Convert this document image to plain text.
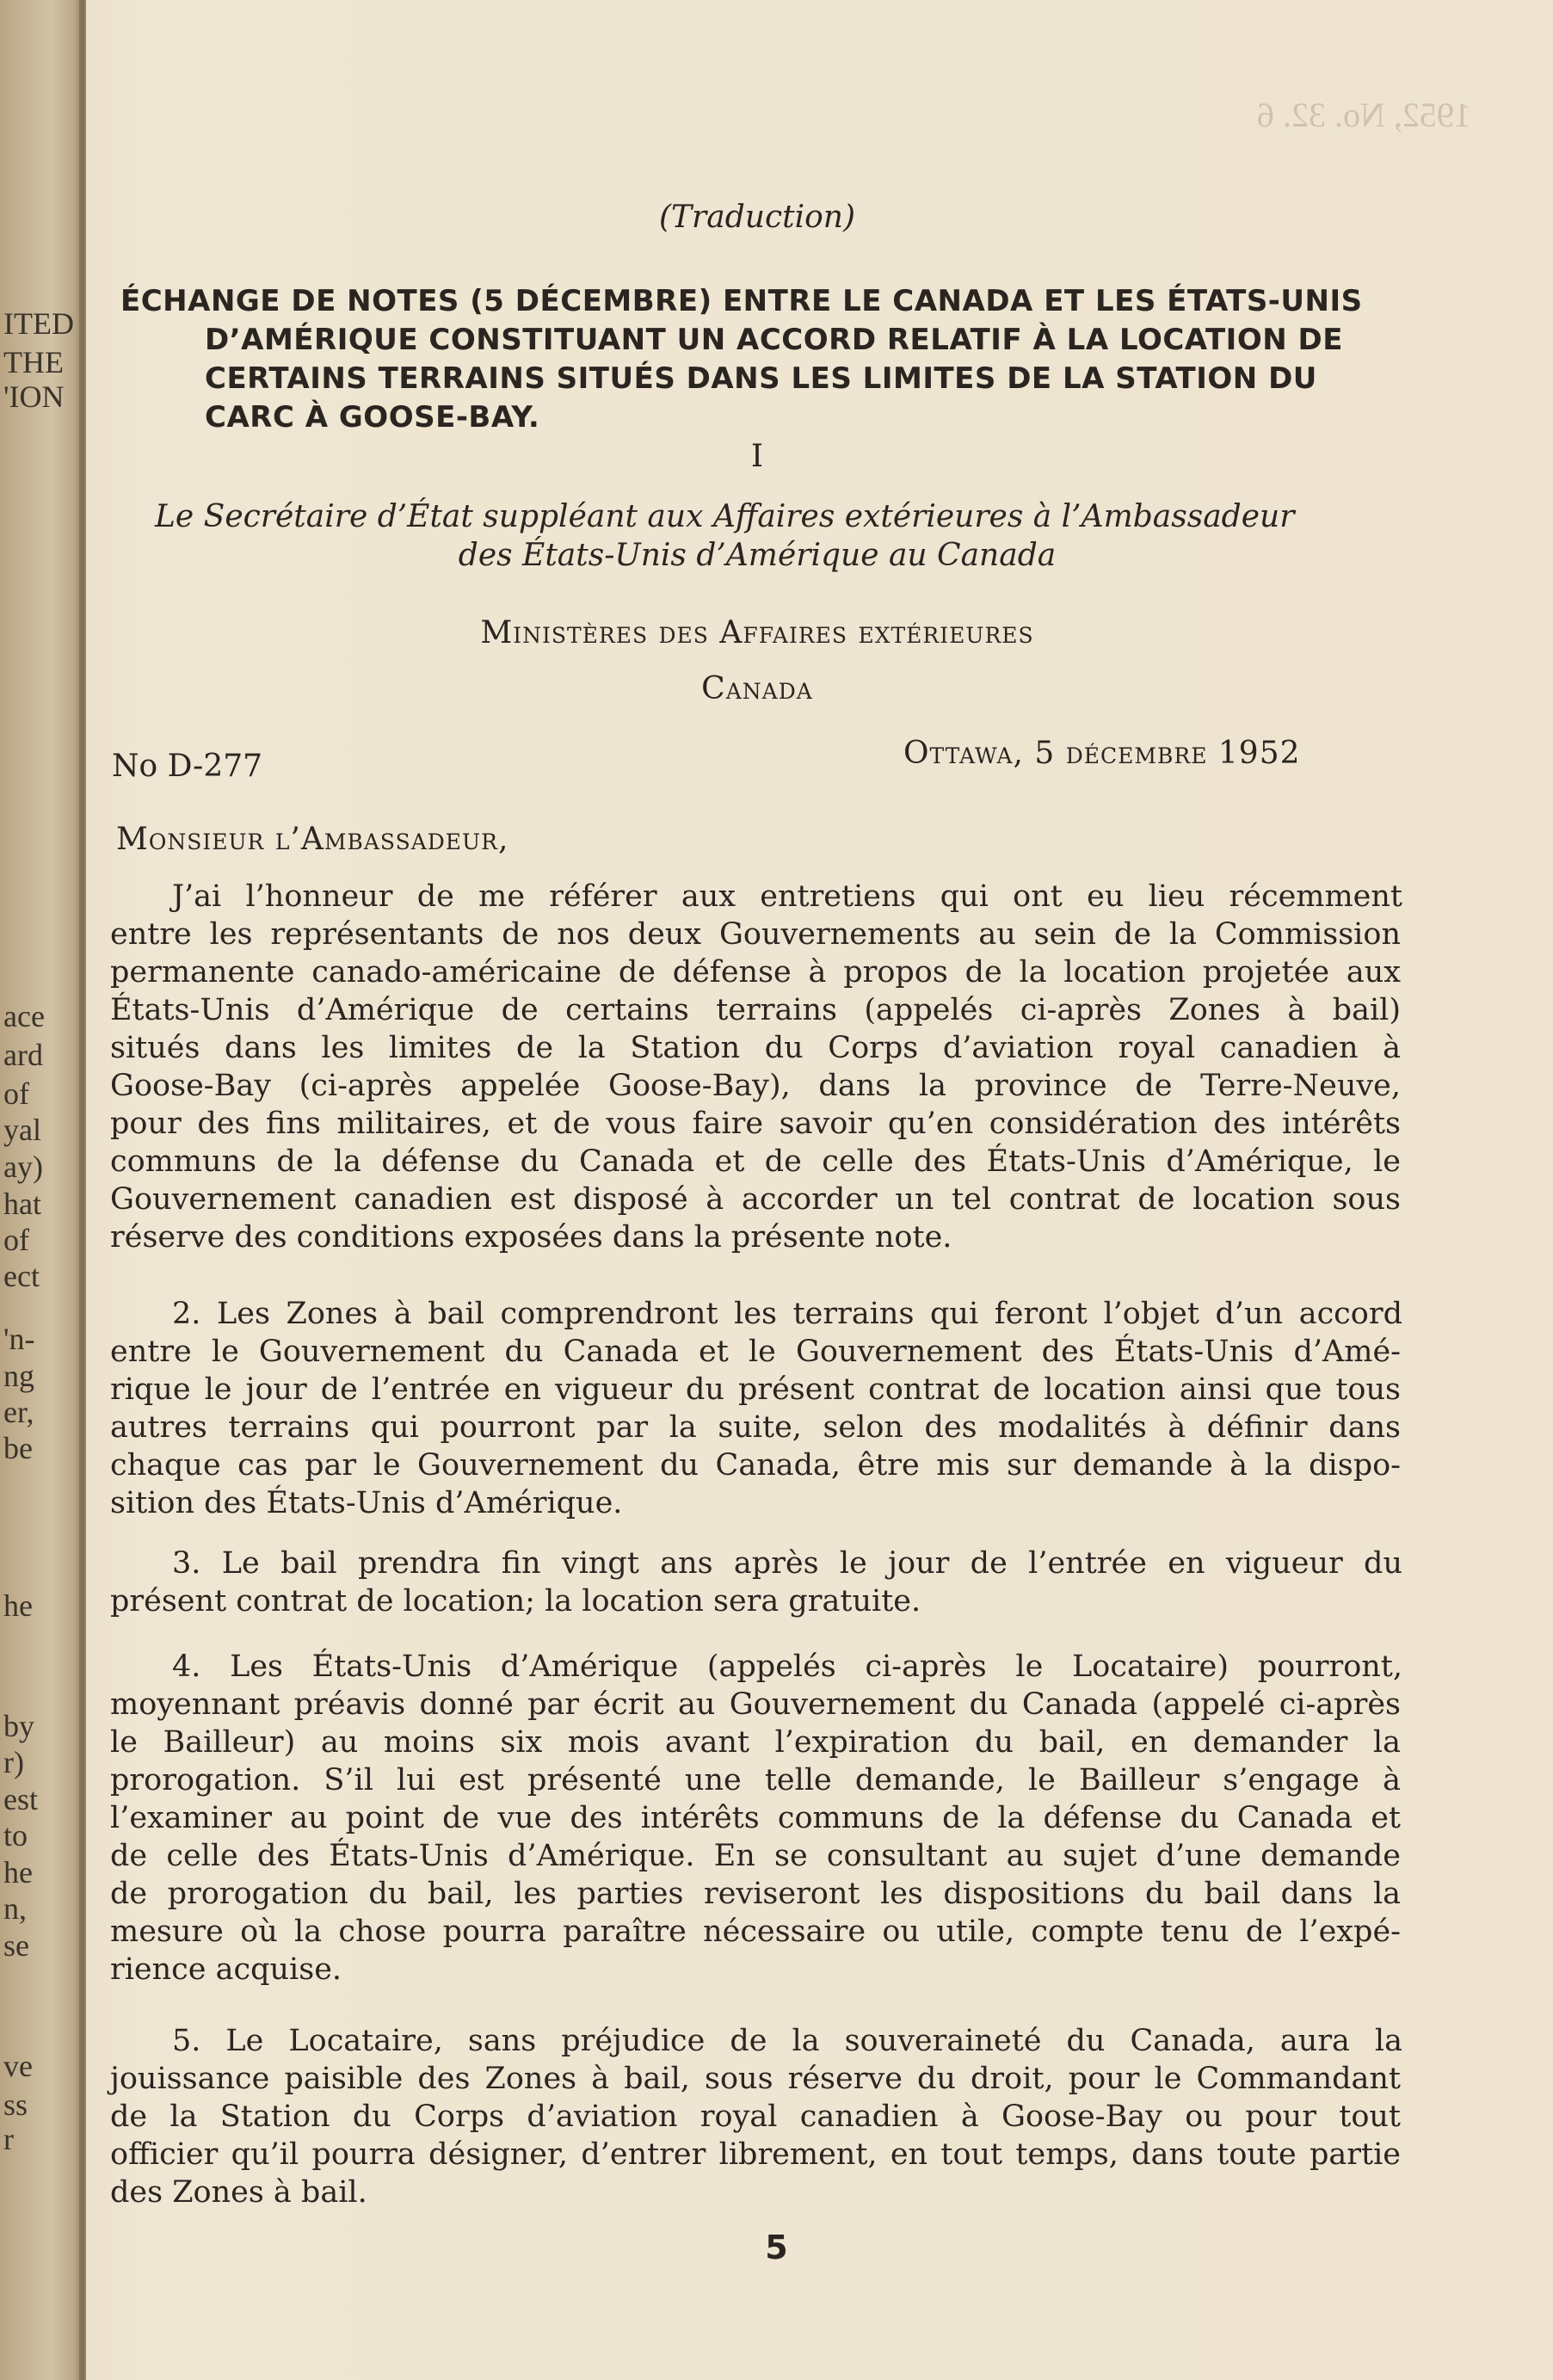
1952, No. 32. 6
ITED
THE
'ION
ace
ard
of
yal
ay)
hat
of
ect
'n-
ng
er,
be
he
by
r)
est
to
he
n,
se
ve
ss
r
(Traduction)
ÉCHANGE DE NOTES (5 DÉCEMBRE) ENTRE LE CANADA ET LES ÉTATS-UNIS
D’AMÉRIQUE CONSTITUANT UN ACCORD RELATIF À LA LOCATION DE
CERTAINS TERRAINS SITUÉS DANS LES LIMITES DE LA STATION DU
CARC À GOOSE-BAY.
I
Le Secrétaire d’État suppléant aux Affaires extérieures à l’Ambassadeur
des États-Unis d’Amérique au Canada
Ministères des Affaires extérieures
Canada
No D-277	Ottawa, 5 décembre 1952
Monsieur l’Ambassadeur,
J’ai l’honneur de me référer aux entretiens qui ont eu lieu récemment
entre les représentants de nos deux Gouvernements au sein de la Commission
permanente canado-américaine de défense à propos de la location projetée aux
États-Unis d’Amérique de certains terrains (appelés ci-après Zones à bail)
situés dans les limites de la Station du Corps d’aviation royal canadien à
Goose-Bay (ci-après appelée Goose-Bay), dans la province de Terre-Neuve,
pour des fins militaires, et de vous faire savoir qu’en considération des intérêts
communs de la défense du Canada et de celle des États-Unis d’Amérique, le
Gouvernement canadien est disposé à accorder un tel contrat de location sous
réserve des conditions exposées dans la présente note.
2. Les Zones à bail comprendront les terrains qui feront l’objet d’un accord
entre le Gouvernement du Canada et le Gouvernement des États-Unis d’Amé-
rique le jour de l’entrée en vigueur du présent contrat de location ainsi que tous
autres terrains qui pourront par la suite, selon des modalités à définir dans
chaque cas par le Gouvernement du Canada, être mis sur demande à la dispo-
sition des États-Unis d’Amérique.
3. Le bail prendra fin vingt ans après le jour de l’entrée en vigueur du
présent contrat de location; la location sera gratuite.
4. Les États-Unis d’Amérique (appelés ci-après le Locataire) pourront,
moyennant préavis donné par écrit au Gouvernement du Canada (appelé ci-après
le Bailleur) au moins six mois avant l’expiration du bail, en demander la
prorogation. S’il lui est présenté une telle demande, le Bailleur s’engage à
l’examiner au point de vue des intérêts communs de la défense du Canada et
de celle des États-Unis d’Amérique. En se consultant au sujet d’une demande
de prorogation du bail, les parties reviseront les dispositions du bail dans la
mesure où la chose pourra paraître nécessaire ou utile, compte tenu de l’expé-
rience acquise.
5. Le Locataire, sans préjudice de la souveraineté du Canada, aura la
jouissance paisible des Zones à bail, sous réserve du droit, pour le Commandant
de la Station du Corps d’aviation royal canadien à Goose-Bay ou pour tout
officier qu’il pourra désigner, d’entrer librement, en tout temps, dans toute partie
des Zones à bail.
5
